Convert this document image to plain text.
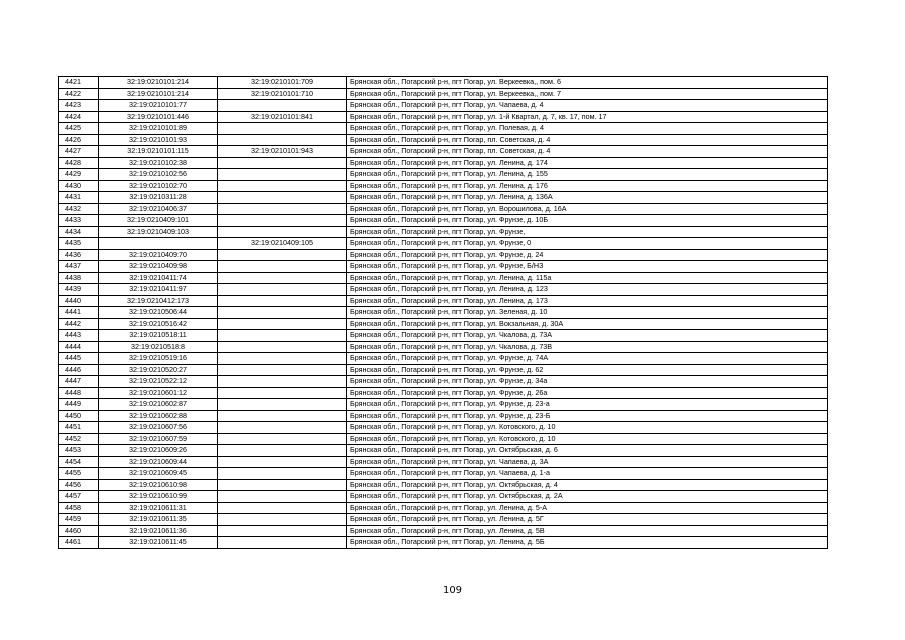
4421	32:19:0210101:214	32:19:0210101:709	Брянская обл., Погарский р-н, пгт Погар, ул. Веркеевка,, пом. 6
4422	32:19:0210101:214	32:19:0210101:710	Брянская обл., Погарский р-н, пгт Погар, ул. Веркеевка,, пом. 7
4423	32:19:0210101:77		Брянская обл., Погарский р-н, пгт Погар, ул. Чапаева, д. 4
4424	32:19:0210101:446	32:19:0210101:841	Брянская обл., Погарский р-н, пгт Погар, ул. 1-й Квартал, д. 7, кв. 17, пом. 17
4425	32:19:0210101:89		Брянская обл., Погарский р-н, пгт Погар, ул. Полевая, д. 4
4426	32:19:0210101:93		Брянская обл., Погарский р-н, пгт Погар, пл. Советская, д. 4
4427	32:19:0210101:115	32:19:0210101:943	Брянская обл., Погарский р-н, пгт Погар, пл. Советская, д. 4
4428	32:19:0210102:38		Брянская обл., Погарский р-н, пгт Погар, ул. Ленина, д. 174
4429	32:19:0210102:56		Брянская обл., Погарский р-н, пгт Погар, ул. Ленина, д. 155
4430	32:19:0210102:70		Брянская обл., Погарский р-н, пгт Погар, ул. Ленина, д. 176
4431	32:19:0210311:28		Брянская обл., Погарский р-н, пгт Погар, ул. Ленина, д. 136А
4432	32:19:0210406:37		Брянская обл., Погарский р-н, пгт Погар, ул. Ворошилова, д. 16А
4433	32:19:0210409:101		Брянская обл., Погарский р-н, пгт Погар, ул. Фрунзе, д. 10Б
4434	32:19:0210409:103		Брянская обл., Погарский р-н, пгт Погар, ул. Фрунзе,
4435		32:19:0210409:105	Брянская обл., Погарский р-н, пгт Погар, ул. Фрунзе, 0
4436	32:19:0210409:70		Брянская обл., Погарский р-н, пгт Погар, ул. Фрунзе, д. 24
4437	32:19:0210409:98		Брянская обл., Погарский р-н, пгт Погар, ул. Фрунзе, Б/НЗ
4438	32:19:0210411:74		Брянская обл., Погарский р-н, пгт Погар, ул. Ленина, д. 115а
4439	32:19:0210411:97		Брянская обл., Погарский р-н, пгт Погар, ул. Ленина, д. 123
4440	32:19:0210412:173		Брянская обл., Погарский р-н, пгт Погар, ул. Ленина, д. 173
4441	32:19:0210506:44		Брянская обл., Погарский р-н, пгт Погар, ул. Зеленая, д. 10
4442	32:19:0210516:42		Брянская обл., Погарский р-н, пгт Погар, ул. Вокзальная, д. 30А
4443	32:19:0210518:11		Брянская обл., Погарский р-н, пгт Погар, ул. Чкалова, д. 73А
4444	32:19:0210518:8		Брянская обл., Погарский р-н, пгт Погар, ул. Чкалова, д. 73В
4445	32:19:0210519:16		Брянская обл., Погарский р-н, пгт Погар, ул. Фрунзе, д. 74А
4446	32:19:0210520:27		Брянская обл., Погарский р-н, пгт Погар, ул. Фрунзе, д. 62
4447	32:19:0210522:12		Брянская обл., Погарский р-н, пгт Погар, ул. Фрунзе, д. 34а
4448	32:19:0210601:12		Брянская обл., Погарский р-н, пгт Погар, ул. Фрунзе, д. 26а
4449	32:19:0210602:87		Брянская обл., Погарский р-н, пгт Погар, ул. Фрунзе, д. 23-а
4450	32:19:0210602:88		Брянская обл., Погарский р-н, пгт Погар, ул. Фрунзе, д. 23-Б
4451	32:19:0210607:56		Брянская обл., Погарский р-н, пгт Погар, ул. Котовского, д. 10
4452	32:19:0210607:59		Брянская обл., Погарский р-н, пгт Погар, ул. Котовского, д. 10
4453	32:19:0210609:26		Брянская обл., Погарский р-н, пгт Погар, ул. Октябрьская, д. 6
4454	32:19:0210609:44		Брянская обл., Погарский р-н, пгт Погар, ул. Чапаева, д. 3А
4455	32:19:0210609:45		Брянская обл., Погарский р-н, пгт Погар, ул. Чапаева, д. 1-а
4456	32:19:0210610:98		Брянская обл., Погарский р-н, пгт Погар, ул. Октябрьская, д. 4
4457	32:19:0210610:99		Брянская обл., Погарский р-н, пгт Погар, ул. Октябрьская, д. 2А
4458	32:19:0210611:31		Брянская обл., Погарский р-н, пгт Погар, ул. Ленина, д. 5-А
4459	32:19:0210611:35		Брянская обл., Погарский р-н, пгт Погар, ул. Ленина, д. 5Г
4460	32:19:0210611:36		Брянская обл., Погарский р-н, пгт Погар, ул. Ленина, д. 5В
4461	32:19:0210611:45		Брянская обл., Погарский р-н, пгт Погар, ул. Ленина, д. 5Б
109
